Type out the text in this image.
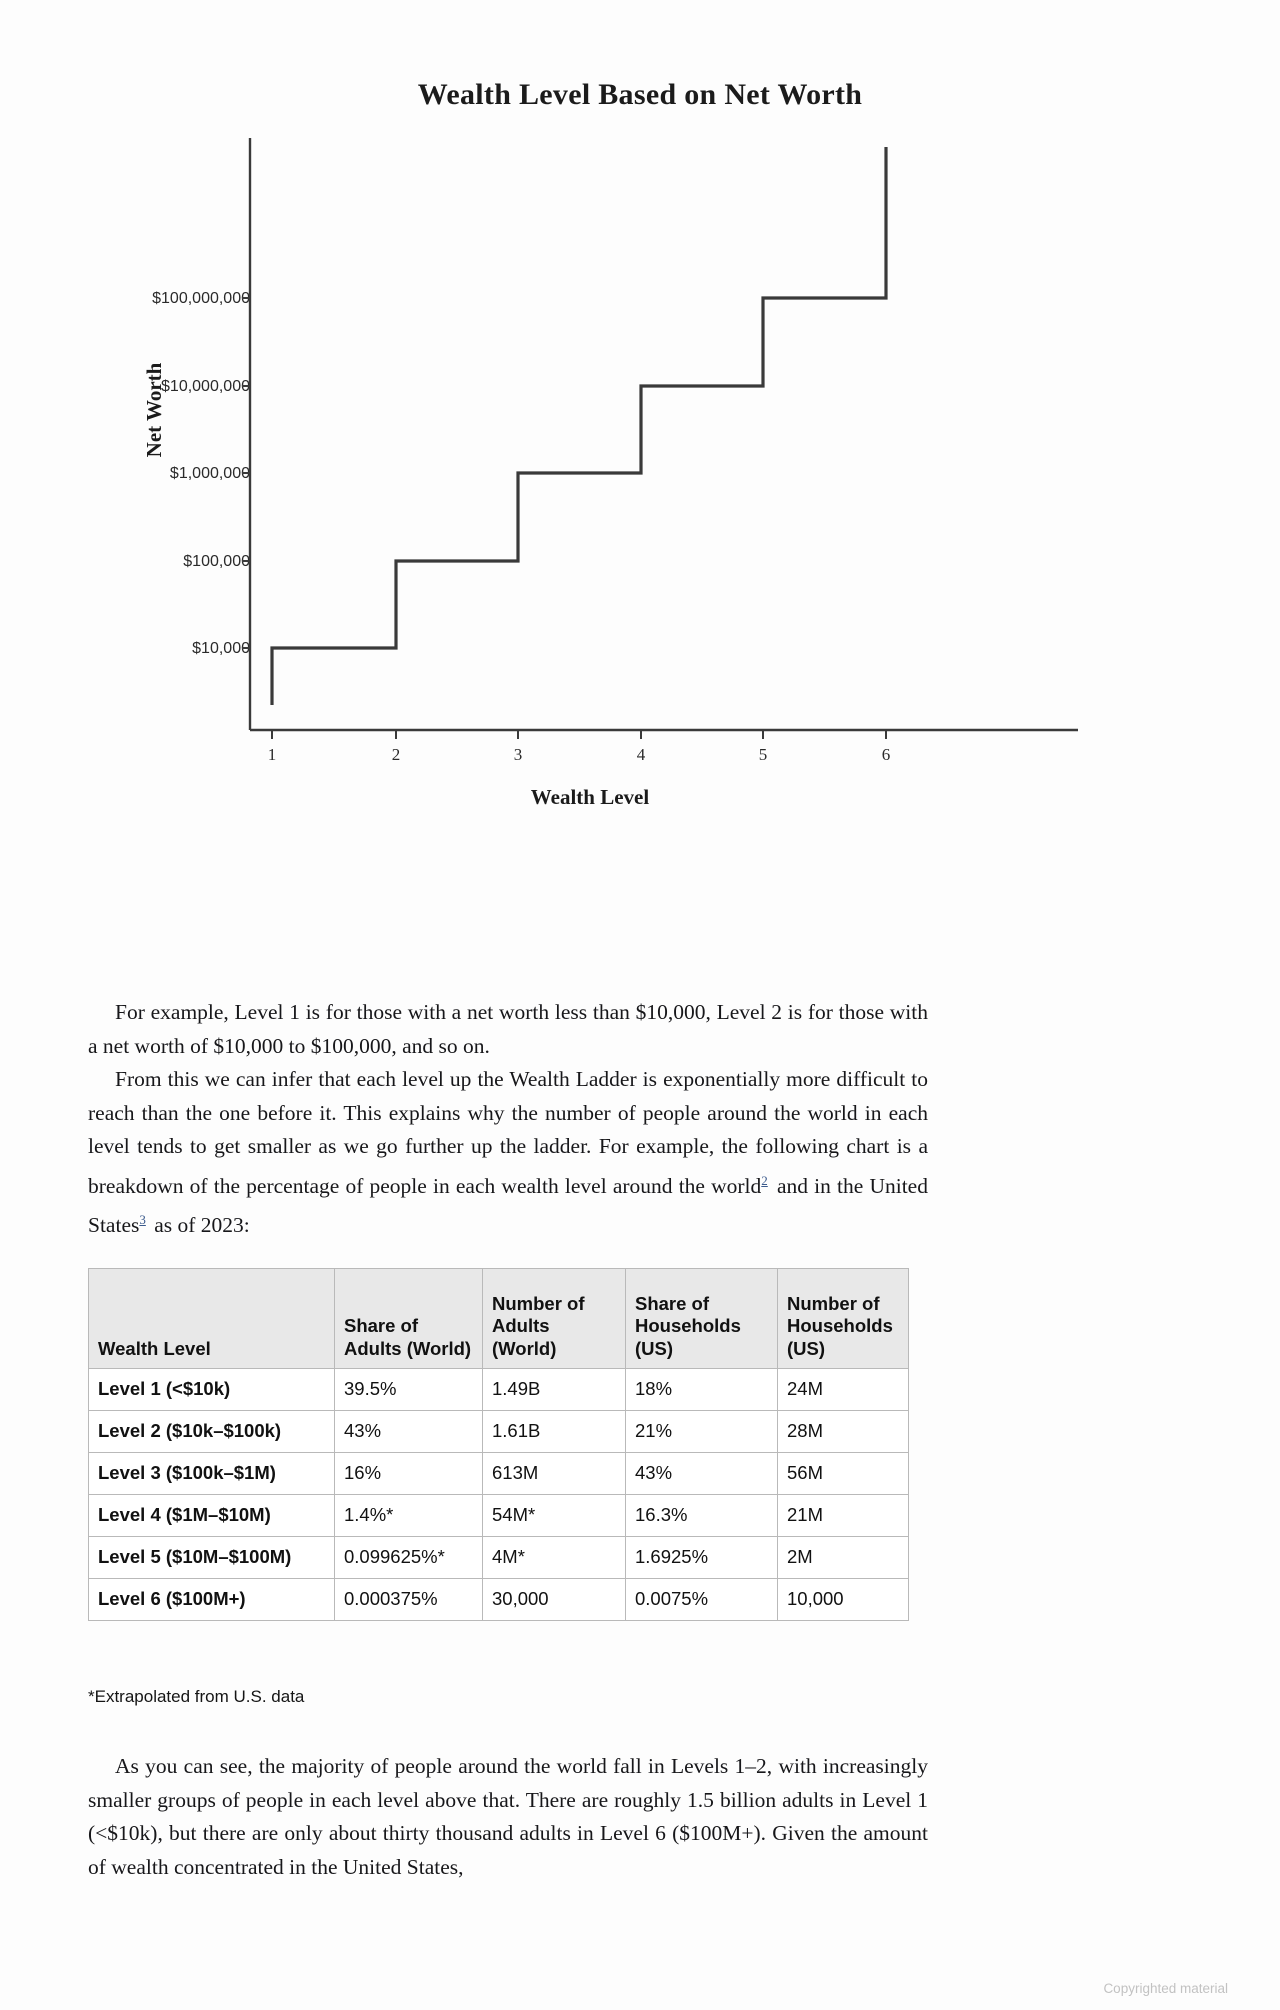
Wealth Level Based on Net Worth
Net Worth
$100,000,000
$10,000,000
$1,000,000
$100,000
$10,000
1	2	3	4	5	6
Wealth Level
For example, Level 1 is for those with a net worth less than $10,000, Level 2 is for those with a net worth of $10,000 to $100,000, and so on.
From this we can infer that each level up the Wealth Ladder is exponentially more difficult to reach than the one before it. This explains why the number of people around the world in each level tends to get smaller as we go further up the ladder. For example, the following chart is a breakdown of the percentage of people in each wealth level around the world$^2$ and in the United States$^3$ as of 2023:
Wealth Level	Share of Adults (World)	Number of Adults (World)	Share of Households (US)	Number of Households (US)
Level 1 (<$10k)	39.5%	1.49B	18%	24M
Level 2 ($10k–$100k)	43%	1.61B	21%	28M
Level 3 ($100k–$1M)	16%	613M	43%	56M
Level 4 ($1M–$10M)	1.4%*	54M*	16.3%	21M
Level 5 ($10M–$100M)	0.099625%*	4M*	1.6925%	2M
Level 6 ($100M+)	0.000375%	30,000	0.0075%	10,000
*Extrapolated from U.S. data
As you can see, the majority of people around the world fall in Levels 1–2, with increasingly smaller groups of people in each level above that. There are roughly 1.5 billion adults in Level 1 (<$10k), but there are only about thirty thousand adults in Level 6 ($100M+). Given the amount of wealth concentrated in the United States,
Copyrighted material
